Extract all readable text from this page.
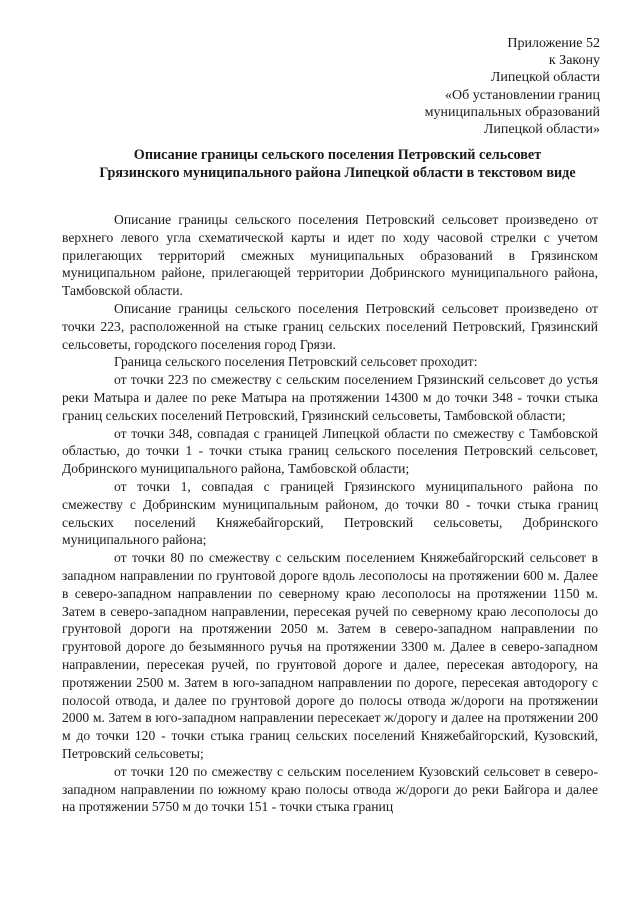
Приложение 52
к Закону
Липецкой области
«Об установлении границ
муниципальных образований
Липецкой области»
Описание границы сельского поселения Петровский сельсовет
Грязинского муниципального района Липецкой области в текстовом виде

Описание границы сельского поселения Петровский сельсовет произведено от верхнего левого угла схематической карты и идет по ходу часовой стрелки с учетом прилегающих территорий смежных муниципальных образований в Грязинском муниципальном районе, прилегающей территории Добринского муниципального района, Тамбовской области.

Описание границы сельского поселения Петровский сельсовет произведено от точки 223, расположенной на стыке границ сельских поселений Петровский, Грязинский сельсоветы, городского поселения город Грязи.

Граница сельского поселения Петровский сельсовет проходит:

от точки 223 по смежеству с сельским поселением Грязинский сельсовет до устья реки Матыра и далее по реке Матыра на протяжении 14300 м до точки 348 - точки стыка границ сельских поселений Петровский, Грязинский сельсоветы, Тамбовской области;

от точки 348, совпадая с границей Липецкой области по смежеству с Тамбовской областью, до точки 1 - точки стыка границ сельского поселения Петровский сельсовет, Добринского муниципального района, Тамбовской области;

от точки 1, совпадая с границей Грязинского муниципального района по смежеству с Добринским муниципальным районом, до точки 80 - точки стыка границ сельских поселений Княжебайгорский, Петровский сельсоветы, Добринского муниципального района;

от точки 80 по смежеству с сельским поселением Княжебайгорский сельсовет в западном направлении по грунтовой дороге вдоль лесополосы на протяжении 600 м. Далее в северо-западном направлении по северному краю лесополосы на протяжении 1150 м. Затем в северо-западном направлении, пересекая ручей по северному краю лесополосы до грунтовой дороги на протяжении 2050 м. Затем в северо-западном направлении по грунтовой дороге до безымянного ручья на протяжении 3300 м. Далее в северо-западном направлении, пересекая ручей, по грунтовой дороге и далее, пересекая автодорогу, на протяжении 2500 м. Затем в юго-западном направлении по дороге, пересекая автодорогу с полосой отвода, и далее по грунтовой дороге до полосы отвода ж/дороги на протяжении 2000 м. Затем в юго-западном направлении пересекает ж/дорогу и далее на протяжении 200 м до точки 120 - точки стыка границ сельских поселений Княжебайгорский, Кузовский, Петровский сельсоветы;

от точки 120 по смежеству с сельским поселением Кузовский сельсовет в северо-западном направлении по южному краю полосы отвода ж/дороги до реки Байгора и далее на протяжении 5750 м до точки 151 - точки стыка границ
